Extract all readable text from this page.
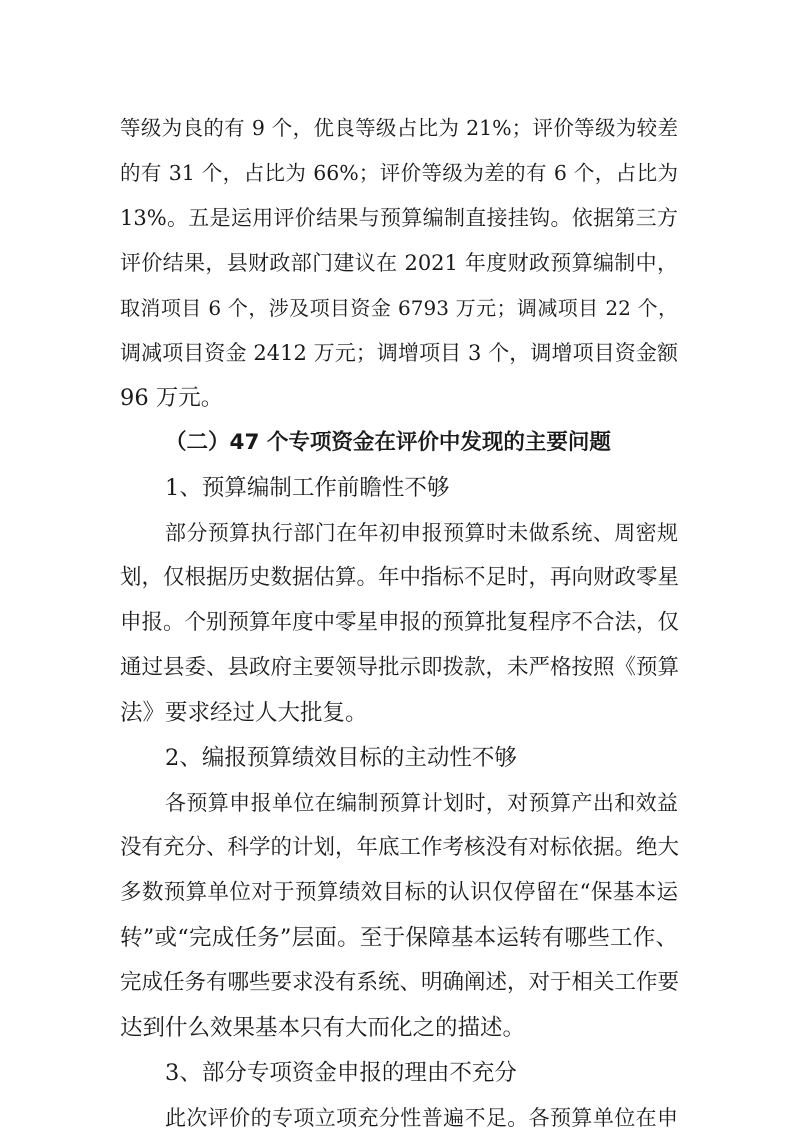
等级为良的有 9 个，优良等级占比为 21%；评价等级为较差
的有 31 个，占比为 66%；评价等级为差的有 6 个，占比为
13%。五是运用评价结果与预算编制直接挂钩。依据第三方
评价结果，县财政部门建议在 2021 年度财政预算编制中，
取消项目 6 个，涉及项目资金 6793 万元；调减项目 22 个，
调减项目资金 2412 万元；调增项目 3 个，调增项目资金额
96 万元。
（二）47 个专项资金在评价中发现的主要问题
1、预算编制工作前瞻性不够
部分预算执行部门在年初申报预算时未做系统、周密规
划，仅根据历史数据估算。年中指标不足时，再向财政零星
申报。个别预算年度中零星申报的预算批复程序不合法，仅
通过县委、县政府主要领导批示即拨款，未严格按照《预算
法》要求经过人大批复。
2、编报预算绩效目标的主动性不够
各预算申报单位在编制预算计划时，对预算产出和效益
没有充分、科学的计划，年底工作考核没有对标依据。绝大
多数预算单位对于预算绩效目标的认识仅停留在“保基本运
转”或“完成任务”层面。至于保障基本运转有哪些工作、
完成任务有哪些要求没有系统、明确阐述，对于相关工作要
达到什么效果基本只有大而化之的描述。
3、部分专项资金申报的理由不充分
此次评价的专项立项充分性普遍不足。各预算单位在申
